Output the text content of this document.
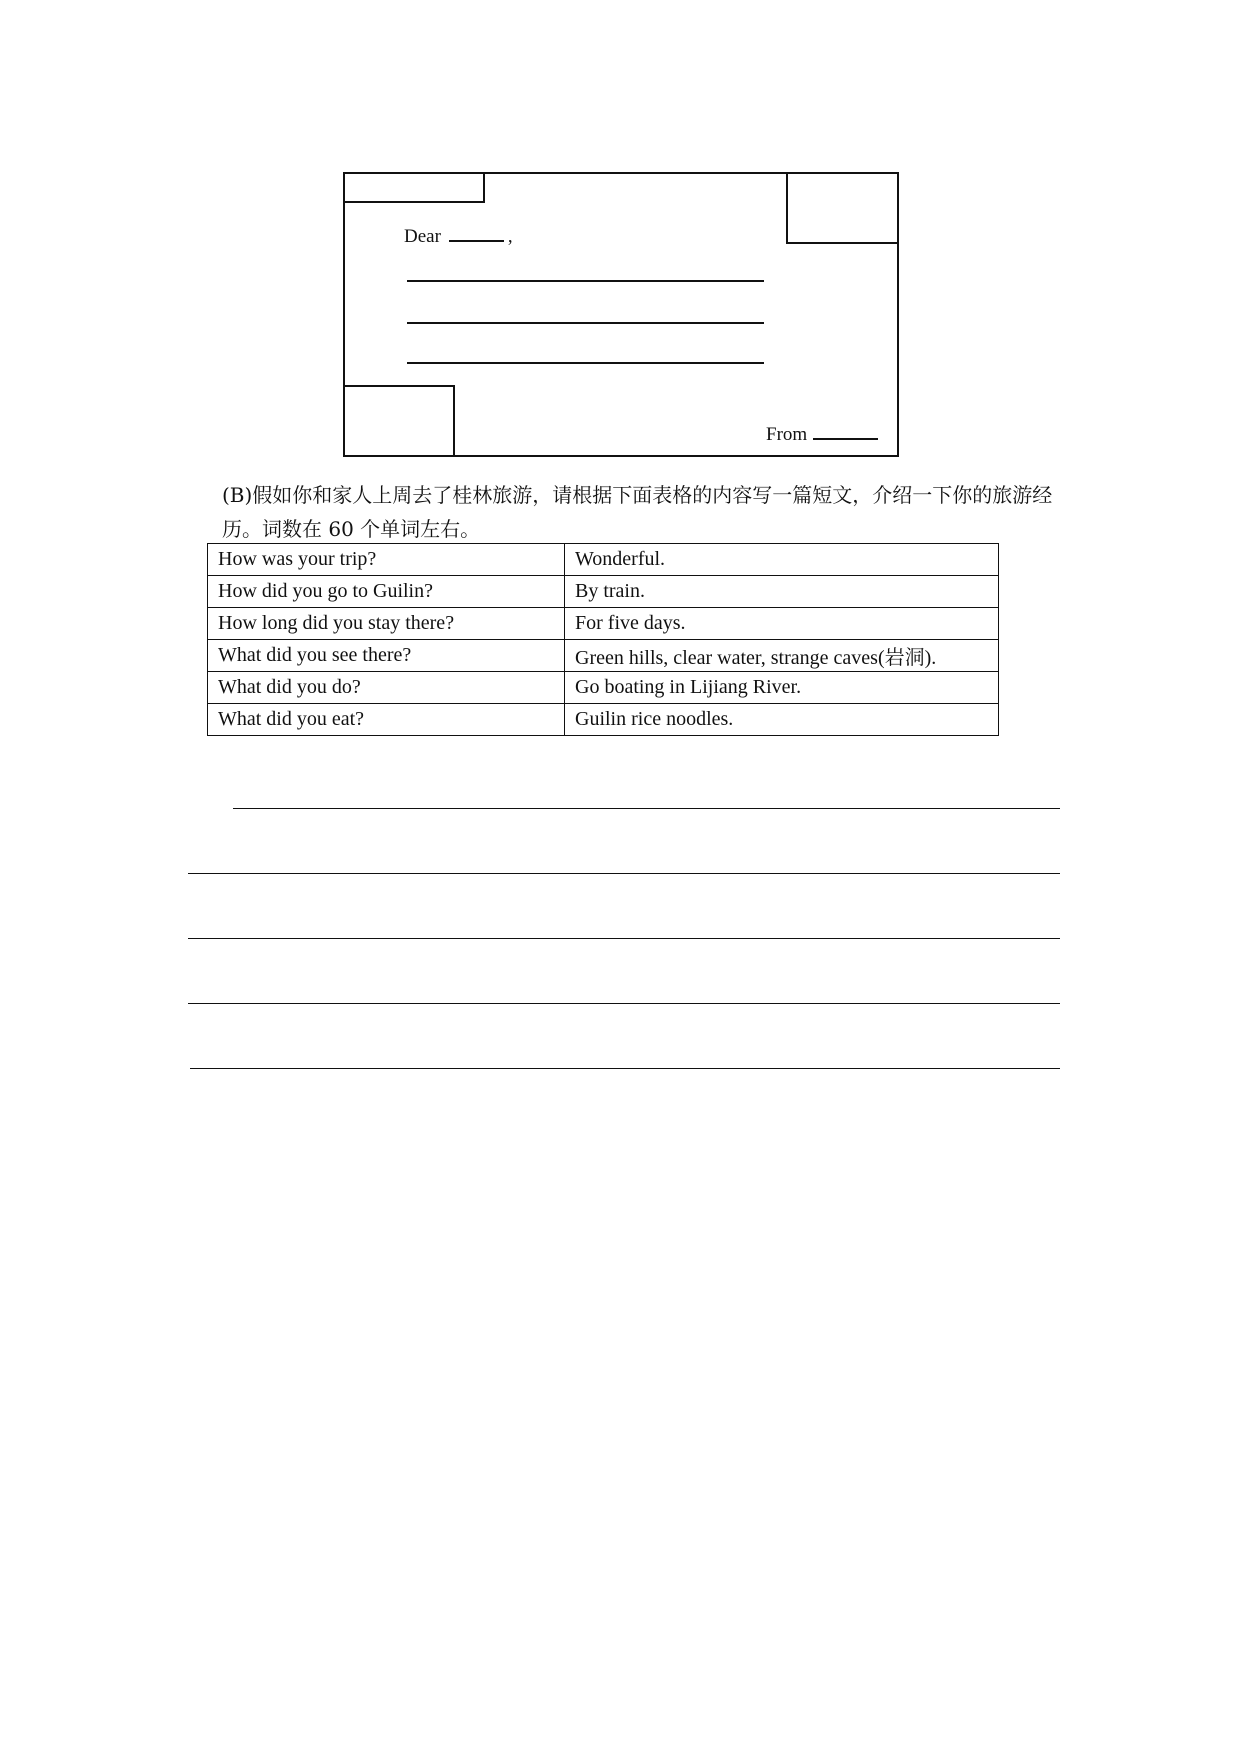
Dear	,
From
(B)假如你和家人上周去了桂林旅游，请根据下面表格的内容写一篇短文，介绍一下你的旅游经历。词数在 60 个单词左右。
How was your trip?	Wonderful.
How did you go to Guilin?	By train.
How long did you stay there?	For five days.
What did you see there?	Green hills, clear water, strange caves(岩洞).
What did you do?	Go boating in Lijiang River.
What did you eat?	Guilin rice noodles.
